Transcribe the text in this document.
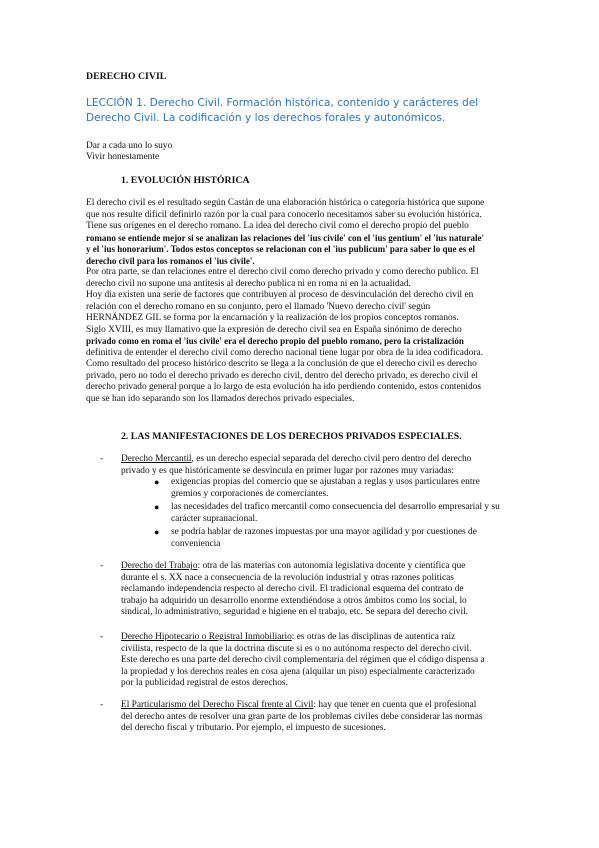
DERECHO CIVIL
LECCIÓN 1. Derecho Civil. Formación histórica, contenido y carácteres del Derecho Civil. La codificación y los derechos forales y autonómicos.
Dar a cada uno lo suyo
Vivir honestamente
1. EVOLUCIÓN HISTÓRICA
El derecho civil es el resultado según Castán de una elaboración histórica o categoría histórica que supone
que nos resulte difícil definirlo razón por la cual para conocerlo necesitamos saber su evolución histórica.
Tiene sus orígenes en el derecho romano. La idea del derecho civil como el derecho propio del pueblo
romano se entiende mejor si se analizan las relaciones del 'ius civile' con el 'ius gentium' el 'ius naturale'
y el 'ius honorarium'. Todos estos conceptos se relacionan con el 'ius publicum' para saber lo que es el
derecho civil para los romanos el 'ius civile'.
Por otra parte, se dan relaciones entre el derecho civil como derecho privado y como derecho publico. El
derecho civil no supone una antítesis al derecho publica ni en roma ni en la actualidad.
Hoy día existen una serie de factores que contribuyen al proceso de desvinculación del derecho civil en
relación con el derecho romano en su conjunto, pero el llamado 'Nuevo derecho civil' según
HERNÁNDEZ GIL se forma por la encarnación y la realización de los propios conceptos romanos.
Siglo XVIII, es muy llamativo que la expresión de derecho civil sea en España sinónimo de derecho
privado como en roma el 'ius civile' era el derecho propio del pueblo romano, pero la cristalización
definitiva de entender el derecho civil como derecho nacional tiene lugar por obra de la idea codificadora.
Como resultado del proceso histórico descrito se llega a la conclusión de que el derecho civil es derecho
privado, pero no todo el derecho privado es derecho civil, dentro del derecho privado, es derecho civil el
derecho privado general porque a lo largo de esta evolución ha ido perdiendo contenido, estos contenidos
que se han ido separando son los llamados derechos privado especiales.
2. LAS MANIFESTACIONES DE LOS DERECHOS PRIVADOS ESPECIALES.
- Derecho Mercantil, es un derecho especial separada del derecho civil pero dentro del derecho
privado y es que históricamente se desvincula en primer lugar por razones muy variadas:
● exigencias propias del comercio que se ajustaban a reglas y usos particulares entre
gremios y corporaciones de comerciantes.
● las necesidades del trafico mercantil como consecuencia del desarrollo empresarial y su
carácter supranacional.
● se podría hablar de razones impuestas por una mayor agilidad y por cuestiones de
conveniencia
- Derecho del Trabajo: otra de las materias con autonomía legislativa docente y científica que
durante el s. XX nace a consecuencia de la revolución industrial y otras razones políticas
reclamando independencia respecto al derecho civil. El tradicional esquema del contrato de
trabajo ha adquirido un desarrollo enorme extendiéndose a otros ámbitos como los social, lo
sindical, lo administrativo, seguridad e higiene en el trabajo, etc. Se separa del derecho civil.
- Derecho Hipotecario o Registral Inmobiliario: es otras de las disciplinas de autentica raíz
civilista, respecto de la que la doctrina discute si es o no autónoma respecto del derecho civil.
Este derecho es una parte del derecho civil complementaria del régimen que el código dispensa a
la propiedad y los derechos reales en cosa ajena (alquilar un piso) especialmente caracterizado
por la publicidad registral de estos derechos.
- El Particularismo del Derecho Fiscal frente al Civil: hay que tener en cuenta que el profesional
del derecho antes de resolver una gran parte de los problemas civiles debe considerar las normas
del derecho fiscal y tributario. Por ejemplo, el impuesto de sucesiones.
